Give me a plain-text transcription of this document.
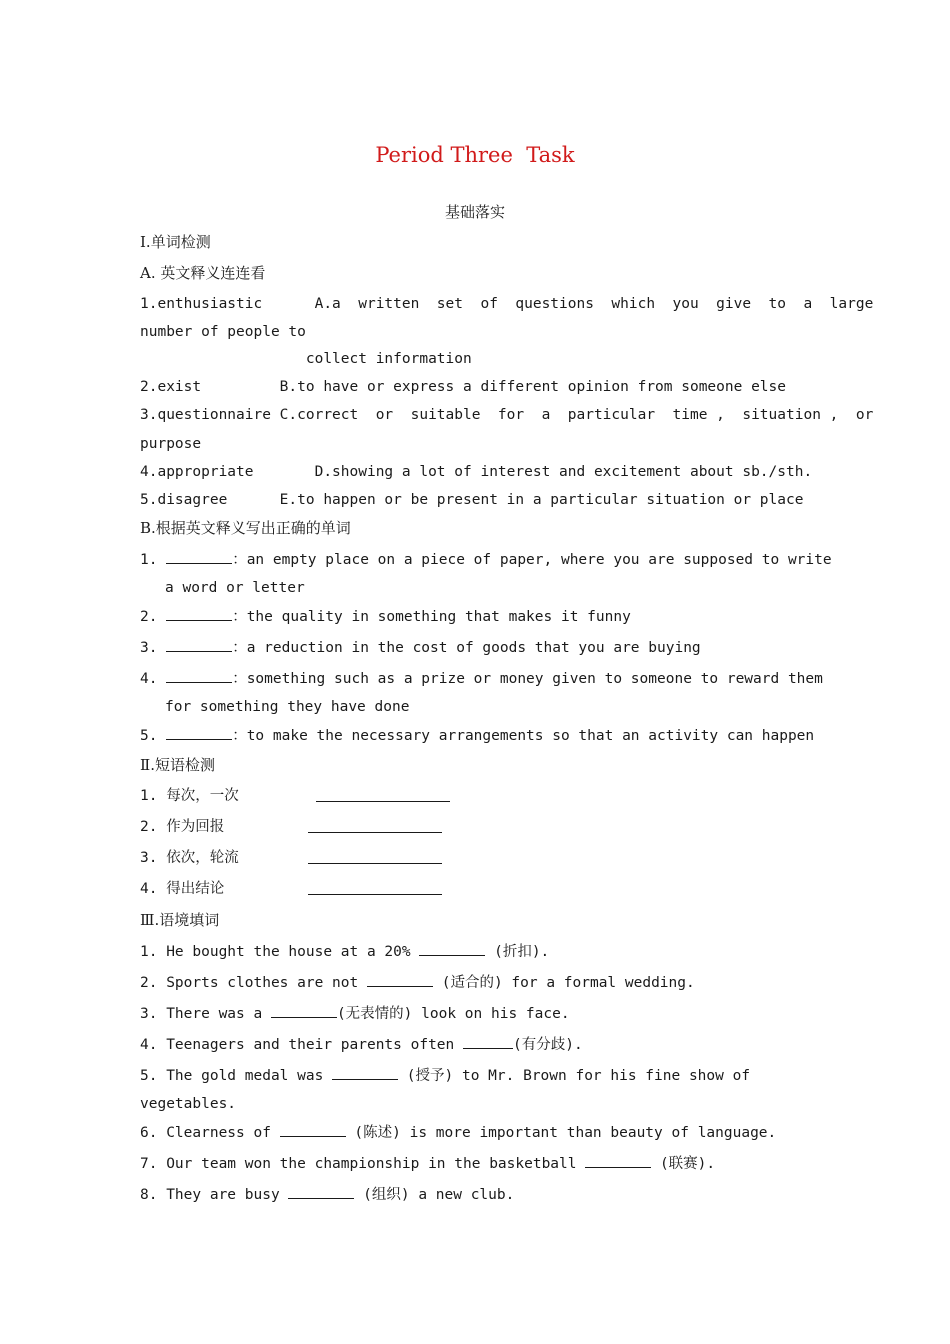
Period Three  Task
基础落实
Ⅰ.单词检测
A. 英文释义连连看
1.enthusiastic      A.a  written  set  of  questions  which  you  give  to  a  large
number of people to
collect information
2.exist         B.to have or express a different opinion from someone else
3.questionnaire C.correct  or  suitable  for  a  particular  time ,  situation ,  or
purpose
4.appropriate       D.showing a lot of interest and excitement about sb./sth.
5.disagree      E.to happen or be present in a particular situation or place
B.根据英文释义写出正确的单词
1.	：an empty place on a piece of paper, where you are supposed to write
a word or letter
2.	：the quality in something that makes it funny
3.	：a reduction in the cost of goods that you are buying
4.	：something such as a prize or money given to someone to reward them
for something they have done
5.	：to make the necessary arrangements so that an activity can happen
Ⅱ.短语检测
1. 每次，一次
2. 作为回报
3. 依次，轮流
4. 得出结论
Ⅲ.语境填词
1. He bought the house at a 20%	(折扣).
2. Sports clothes are not	(适合的) for a formal wedding.
3. There was a	(无表情的) look on his face.
4. Teenagers and their parents often	(有分歧).
5. The gold medal was	(授予) to Mr. Brown for his fine show of
vegetables.
6. Clearness of	(陈述) is more important than beauty of language.
7. Our team won the championship in the basketball	(联赛).
8. They are busy	(组织) a new club.
